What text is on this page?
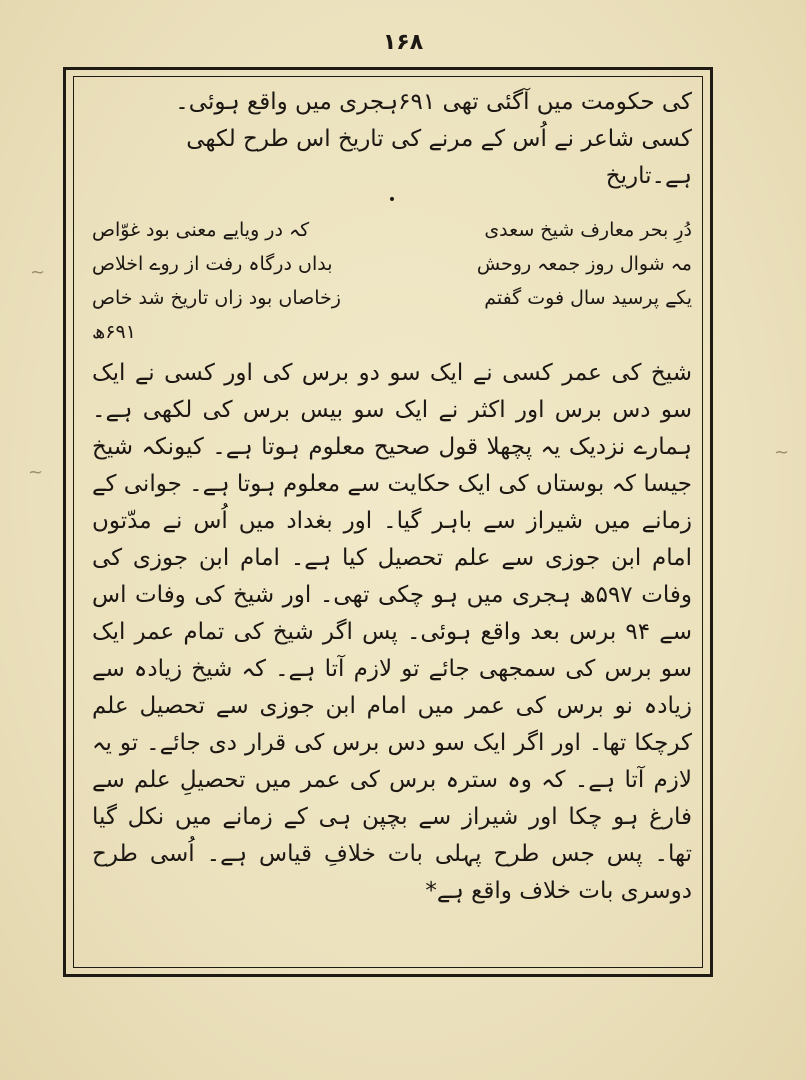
۱۶۸
~
~
~

کی حکومت میں آگئی تھی ۶۹۱ہجری میں واقع ہوئی۔

کسی شاعر نے اُس کے مرنے کی تاریخ اس طرح لکھی

ہے۔تاریخ

•
دُرِ بحر معارف شیخ سعدی
کہ در ویایے معنی بود غوّاص
مہ شوال روز جمعہ روحش
بداں درگاہ رفت از روے اخلاص
یکے پرسید سال فوت گفتم
زخاصاں بود زاں تاریخ شد خاص ۶۹۱ھ

شیخ کی عمر کسی نے ایک سو دو برس کی اور کسی نے ایک سو دس برس اور اکثر نے ایک سو بیس برس کی لکھی ہے۔ ہمارے نزدیک یہ پچھلا قول صحیح معلوم ہوتا ہے۔ کیونکہ شیخ جیسا کہ بوستاں کی ایک حکایت سے معلوم ہوتا ہے۔ جوانی کے زمانے میں شیراز سے باہر گیا۔ اور بغداد میں اُس نے مدّتوں امام ابن جوزی سے علم تحصیل کیا ہے۔ امام ابن جوزی کی وفات ۵۹۷ھ ہجری میں ہو چکی تھی۔ اور شیخ کی وفات اس سے ۹۴ برس بعد واقع ہوئی۔ پس اگر شیخ کی تمام عمر ایک سو برس کی سمجھی جائے تو لازم آتا ہے۔ کہ شیخ زیادہ سے زیادہ نو برس کی عمر میں امام ابن جوزی سے تحصیل علم کرچکا تھا۔ اور اگر ایک سو دس برس کی قرار دی جائے۔ تو یہ لازم آتا ہے۔ کہ وہ سترہ برس کی عمر میں تحصیلِ علم سے فارغ ہو چکا اور شیراز سے بچپن ہی کے زمانے میں نکل گیا تھا۔ پس جس طرح پہلی بات خلافِ قیاس ہے۔ اُسی طرح دوسری بات خلاف واقع ہے*
